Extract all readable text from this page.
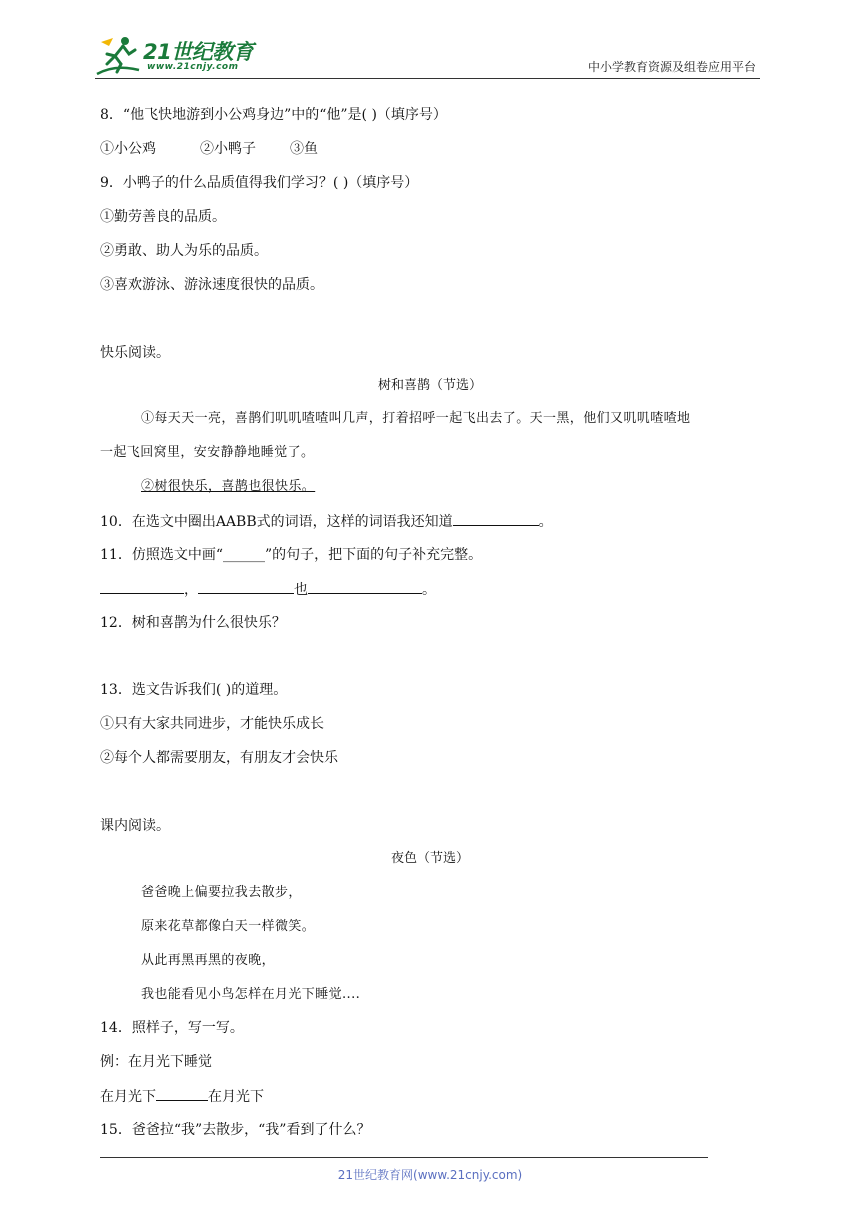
21世纪教育
www.21cnjy.com	中小学教育资源及组卷应用平台
8．“他飞快地游到小公鸡身边”中的“他”是( )（填序号）
①小公鸡	②小鸭子 ③鱼
9．小鸭子的什么品质值得我们学习？( )（填序号）
①勤劳善良的品质。
②勇敢、助人为乐的品质。
③喜欢游泳、游泳速度很快的品质。
快乐阅读。
树和喜鹊（节选）
①每天天一亮，喜鹊们叽叽喳喳叫几声，打着招呼一起飞出去了。天一黑，他们又叽叽喳喳地
一起飞回窝里，安安静静地睡觉了。
②树很快乐，喜鹊也很快乐。
10．在选文中圈出AABB式的词语，这样的词语我还知道	。
11．仿照选文中画“______”的句子，把下面的句子补充完整。
，	也	。
12．树和喜鹊为什么很快乐？
13．选文告诉我们( )的道理。
①只有大家共同进步，才能快乐成长
②每个人都需要朋友，有朋友才会快乐
课内阅读。
夜色（节选）
爸爸晚上偏要拉我去散步，
原来花草都像白天一样微笑。
从此再黑再黑的夜晚，
我也能看见小鸟怎样在月光下睡觉....
14．照样子，写一写。
例：在月光下睡觉
在月光下	在月光下
15．爸爸拉“我”去散步，“我”看到了什么？
21世纪教育网(www.21cnjy.com)
